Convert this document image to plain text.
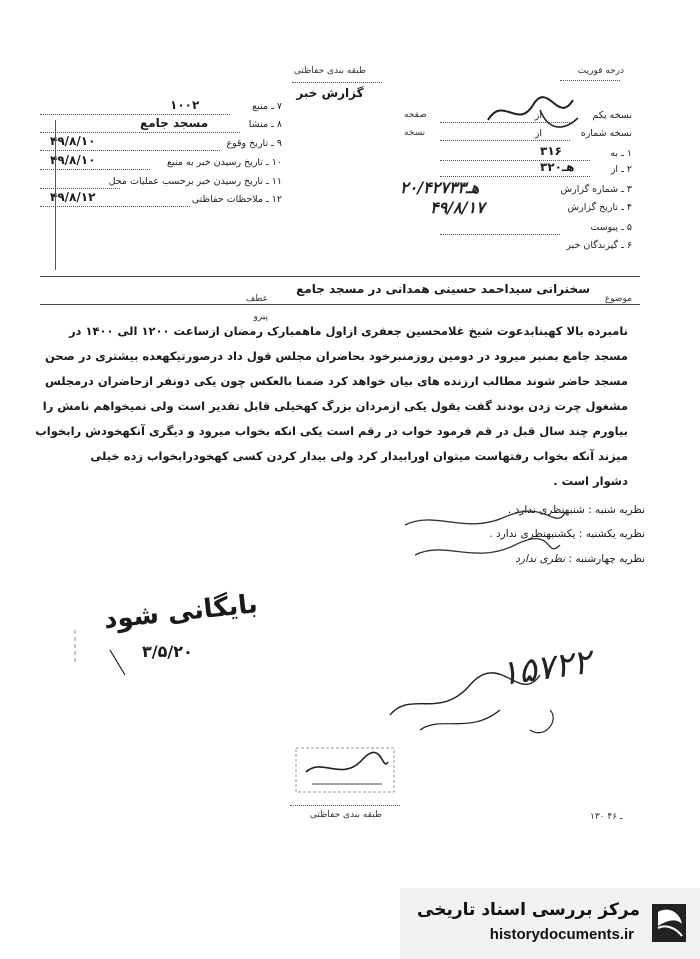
طبقه بندی حفاظتی
گزارش خبر
درجه فوریت
۷ ـ منبع
۱۰۰۲
۸ ـ منشا
مسجد جامع
۹ ـ تاریخ وقوع
۴۹/۸/۱۰
۱۰ ـ تاریخ رسیدن خبر به منبع
۴۹/۸/۱۰
۱۱ ـ تاریخ رسیدن خبر برحسب عملیات محل
۱۲ ـ ملاحظات حفاظتی
۴۹/۸/۱۲
صفحه
نسخه
نسخه یکم
از
نسخه شماره
از
۱ ـ به
۳۱۶
۲ ـ از
۳هـ۲۰
۳ ـ شماره گزارش
۲۰/۴۲۷۳۳هـ
۴ ـ تاریخ گزارش
۴۹/۸/۱۷
۵ ـ پیوست
۶ ـ گیرندگان خبر
عطف
پیرو
موضوع
سخنرانی سیداحمد حسینی همدانی در مسجد جامع
نامبرده بالا کهبنابدعوت شیخ غلامحسین جعفری ازاول ماهمبارک رمضان ازساعت ۱۲۰۰ الی ۱۴۰۰ در
مسجد جامع بمنبر میرود در دومین روزمنبرخود بحاضران مجلس قول داد درصورتیکهعده بیشتری در صحن
مسجد حاضر شوند مطالب ارزنده های بیان خواهد کرد ضمنا بالعکس چون یکی دونفر ازحاضران درمجلس
مشغول چرت زدن بودند گفت بقول یکی ازمردان بزرگ کهخیلی قابل تقدیر است ولی نمیخواهم نامش را
بیاورم چند سال قبل در قم فرمود خواب در رقم است یکی انکه بخواب میرود و دیگری آنکهخودش رابخواب
میزند آنکه بخواب رفتهاست میتوان اورابیدار کرد ولی بیدار کردن کسی کهخودرابخواب زده خیلی
دشوار است .
نظریه شنبه : شنبهنظری ندارد .
نظریه یکشنبه : یکشنبهنظری ندارد .
نظریه چهارشنبه : نظری ندارد
بایگانی شود
۳/۵/۲۰	۱۵۷۲۲
طبقه بندی حفاظتی	۱۳۰ ـ ۴۶
مرکز بررسی اسناد تاریخی
historydocuments.ir
